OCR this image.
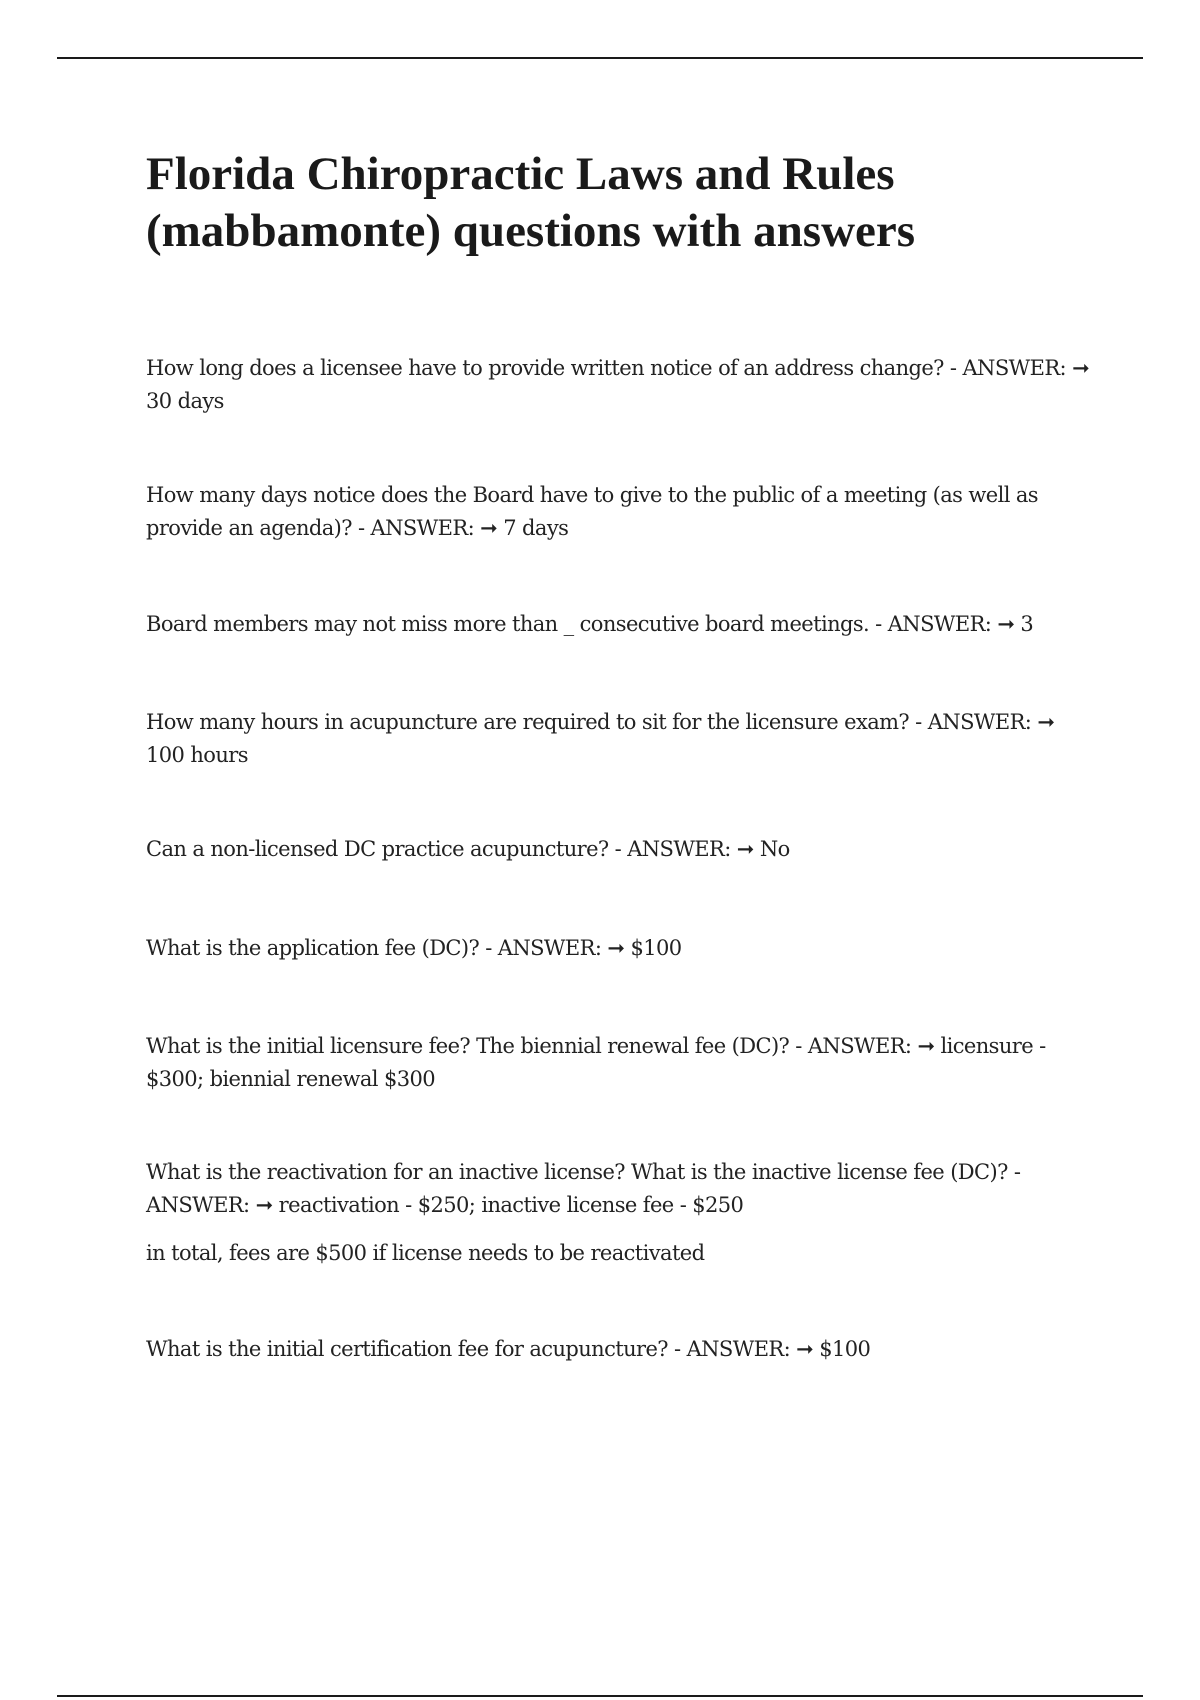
Florida Chiropractic Laws and Rules
(mabbamonte) questions with answers

How long does a licensee have to provide written notice of an address change? - ANSWER: ➞ 30 days

How many days notice does the Board have to give to the public of a meeting (as well as provide an agenda)? - ANSWER: ➞ 7 days

Board members may not miss more than _ consecutive board meetings. - ANSWER: ➞ 3

How many hours in acupuncture are required to sit for the licensure exam? - ANSWER: ➞ 100 hours

Can a non-licensed DC practice acupuncture? - ANSWER: ➞ No

What is the application fee (DC)? - ANSWER: ➞ $100

What is the initial licensure fee? The biennial renewal fee (DC)? - ANSWER: ➞ licensure - $300; biennial renewal $300

What is the reactivation for an inactive license? What is the inactive license fee (DC)? - ANSWER: ➞ reactivation - $250; inactive license fee - $250

in total, fees are $500 if license needs to be reactivated

What is the initial certification fee for acupuncture? - ANSWER: ➞ $100
